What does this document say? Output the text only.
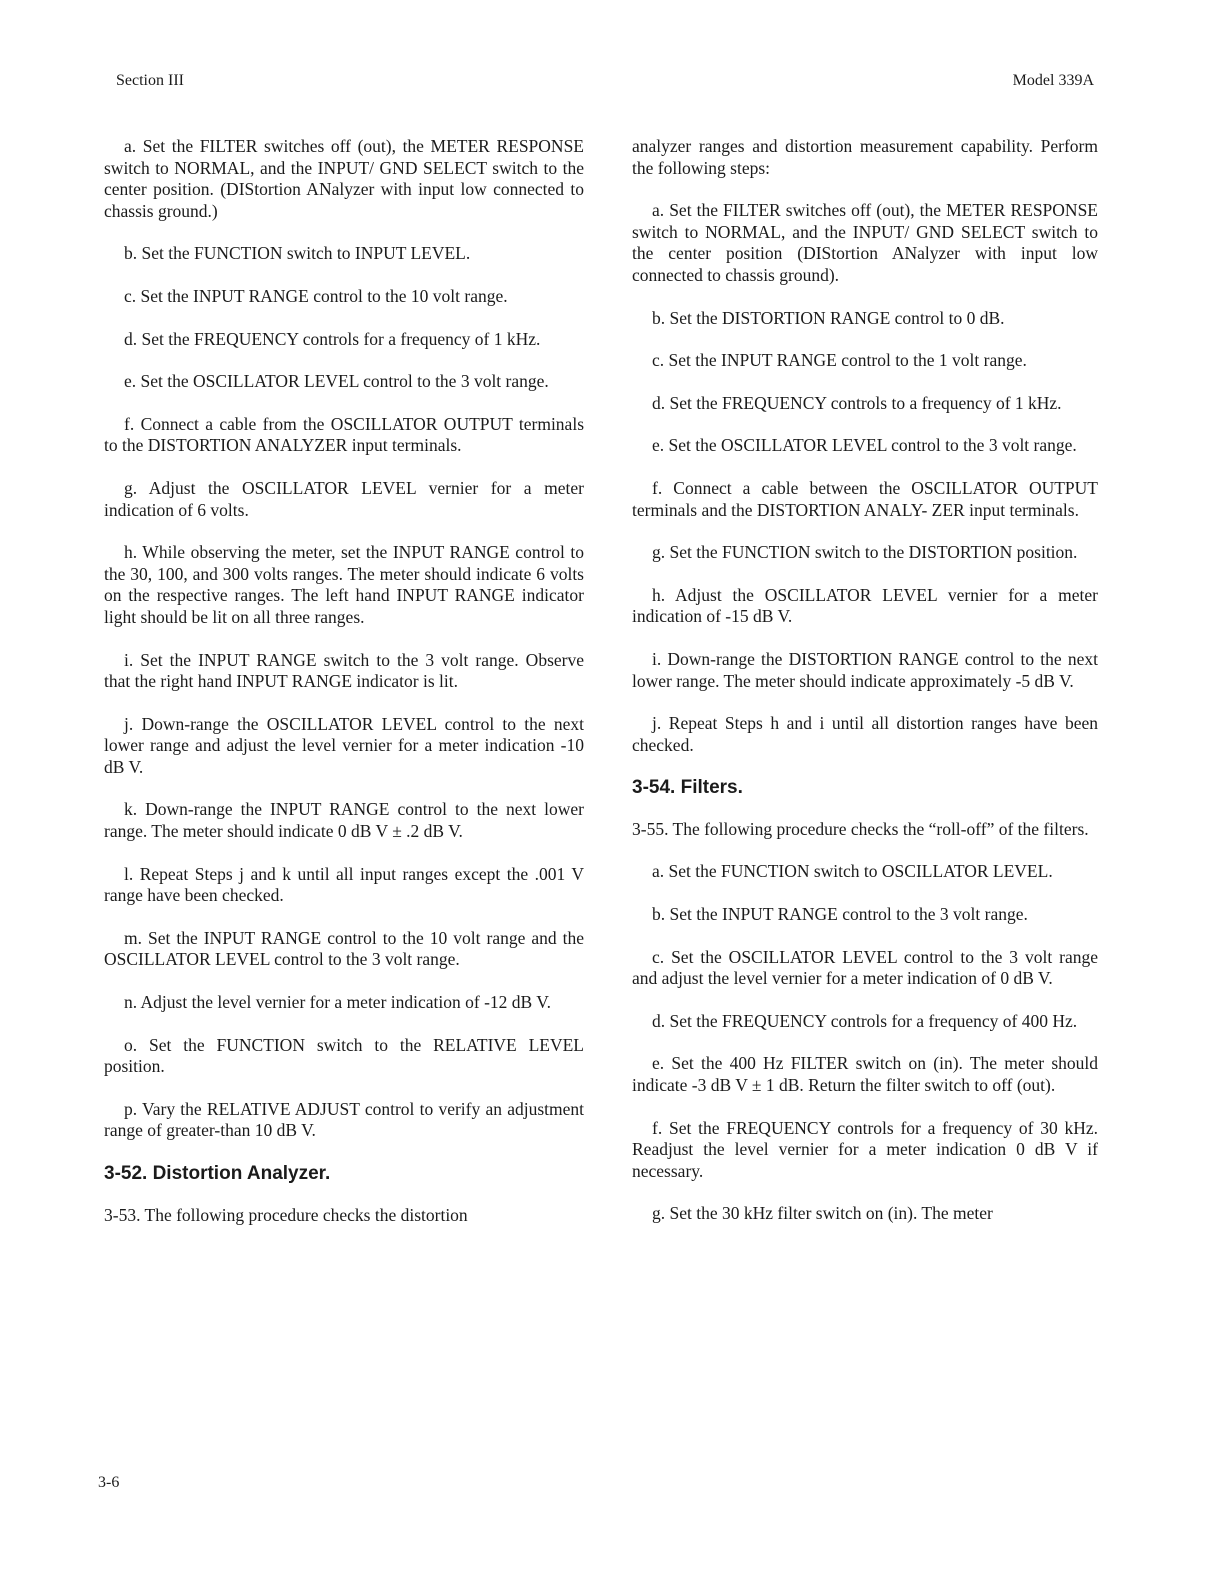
Section III	Model 339A

a. Set the FILTER switches off (out), the METER RESPONSE switch to NORMAL, and the INPUT/ GND SELECT switch to the center position. (DIStortion ANalyzer with input low connected to chassis ground.)

b. Set the FUNCTION switch to INPUT LEVEL.

c. Set the INPUT RANGE control to the 10 volt range.

d. Set the FREQUENCY controls for a frequency of 1 kHz.

e. Set the OSCILLATOR LEVEL control to the 3 volt range.

f. Connect a cable from the OSCILLATOR OUTPUT terminals to the DISTORTION ANALYZER input terminals.

g. Adjust the OSCILLATOR LEVEL vernier for a meter indication of 6 volts.

h. While observing the meter, set the INPUT RANGE control to the 30, 100, and 300 volts ranges. The meter should indicate 6 volts on the respective ranges. The left hand INPUT RANGE indicator light should be lit on all three ranges.

i. Set the INPUT RANGE switch to the 3 volt range. Observe that the right hand INPUT RANGE indicator is lit.

j. Down-range the OSCILLATOR LEVEL control to the next lower range and adjust the level vernier for a meter indication -10 dB V.

k. Down-range the INPUT RANGE control to the next lower range. The meter should indicate 0 dB V ± .2 dB V.

l. Repeat Steps j and k until all input ranges except the .001 V range have been checked.

m. Set the INPUT RANGE control to the 10 volt range and the OSCILLATOR LEVEL control to the 3 volt range.

n. Adjust the level vernier for a meter indication of -12 dB V.

o. Set the FUNCTION switch to the RELATIVE LEVEL position.

p. Vary the RELATIVE ADJUST control to verify an adjustment range of greater-than 10 dB V.

3-52. Distortion Analyzer.

3-53. The following procedure checks the distortion

analyzer ranges and distortion measurement capability. Perform the following steps:

a. Set the FILTER switches off (out), the METER RESPONSE switch to NORMAL, and the INPUT/ GND SELECT switch to the center position (DIStortion ANalyzer with input low connected to chassis ground).

b. Set the DISTORTION RANGE control to 0 dB.

c. Set the INPUT RANGE control to the 1 volt range.

d. Set the FREQUENCY controls to a frequency of 1 kHz.

e. Set the OSCILLATOR LEVEL control to the 3 volt range.

f. Connect a cable between the OSCILLATOR OUTPUT terminals and the DISTORTION ANALY- ZER input terminals.

g. Set the FUNCTION switch to the DISTORTION position.

h. Adjust the OSCILLATOR LEVEL vernier for a meter indication of -15 dB V.

i. Down-range the DISTORTION RANGE control to the next lower range. The meter should indicate approximately -5 dB V.

j. Repeat Steps h and i until all distortion ranges have been checked.

3-54. Filters.

3-55. The following procedure checks the “roll-off” of the filters.

a. Set the FUNCTION switch to OSCILLATOR LEVEL.

b. Set the INPUT RANGE control to the 3 volt range.

c. Set the OSCILLATOR LEVEL control to the 3 volt range and adjust the level vernier for a meter indication of 0 dB V.

d. Set the FREQUENCY controls for a frequency of 400 Hz.

e. Set the 400 Hz FILTER switch on (in). The meter should indicate -3 dB V ± 1 dB. Return the filter switch to off (out).

f. Set the FREQUENCY controls for a frequency of 30 kHz. Readjust the level vernier for a meter indication 0 dB V if necessary.

g. Set the 30 kHz filter switch on (in). The meter

3-6
